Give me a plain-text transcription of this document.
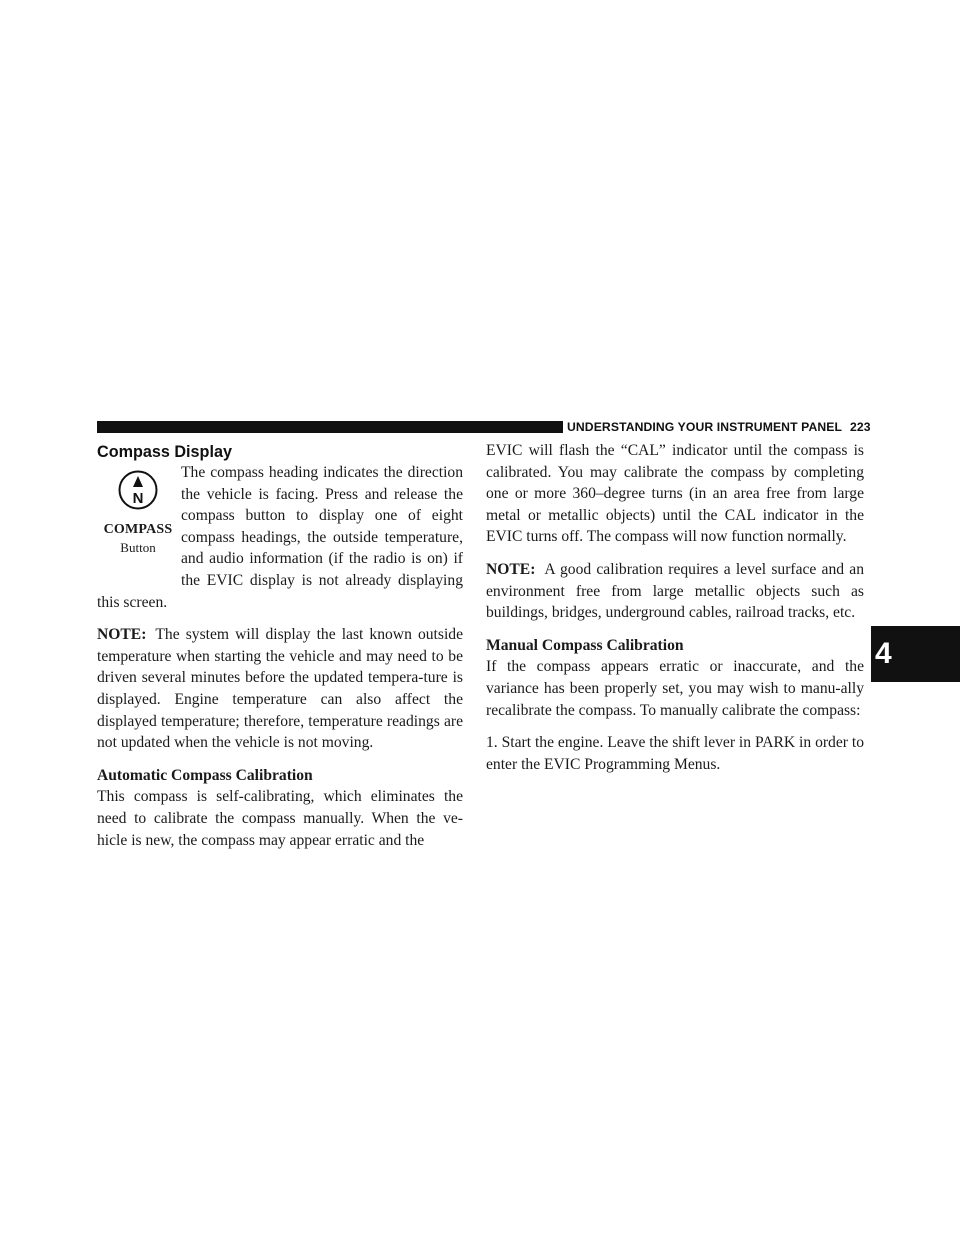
UNDERSTANDING YOUR INSTRUMENT PANEL 223
4
Compass Display
N
COMPASS
Button

The compass heading indicates the direction the vehicle is facing. Press and release the compass button to display one of eight compass headings, the outside temperature, and audio information (if the radio is on) if the EVIC display is not already displaying this screen.

NOTE: The system will display the last known outside temperature when starting the vehicle and may need to be driven several minutes before the updated tempera-ture is displayed. Engine temperature can also affect the displayed temperature; therefore, temperature readings are not updated when the vehicle is not moving.

Automatic Compass Calibration

This compass is self-calibrating, which eliminates the need to calibrate the compass manually. When the ve-hicle is new, the compass may appear erratic and the

EVIC will flash the “CAL” indicator until the compass is calibrated. You may calibrate the compass by completing one or more 360–degree turns (in an area free from large metal or metallic objects) until the CAL indicator in the EVIC turns off. The compass will now function normally.

NOTE: A good calibration requires a level surface and an environment free from large metallic objects such as buildings, bridges, underground cables, railroad tracks, etc.

Manual Compass Calibration

If the compass appears erratic or inaccurate, and the variance has been properly set, you may wish to manu-ally recalibrate the compass. To manually calibrate the compass:

1. Start the engine. Leave the shift lever in PARK in order to enter the EVIC Programming Menus.
